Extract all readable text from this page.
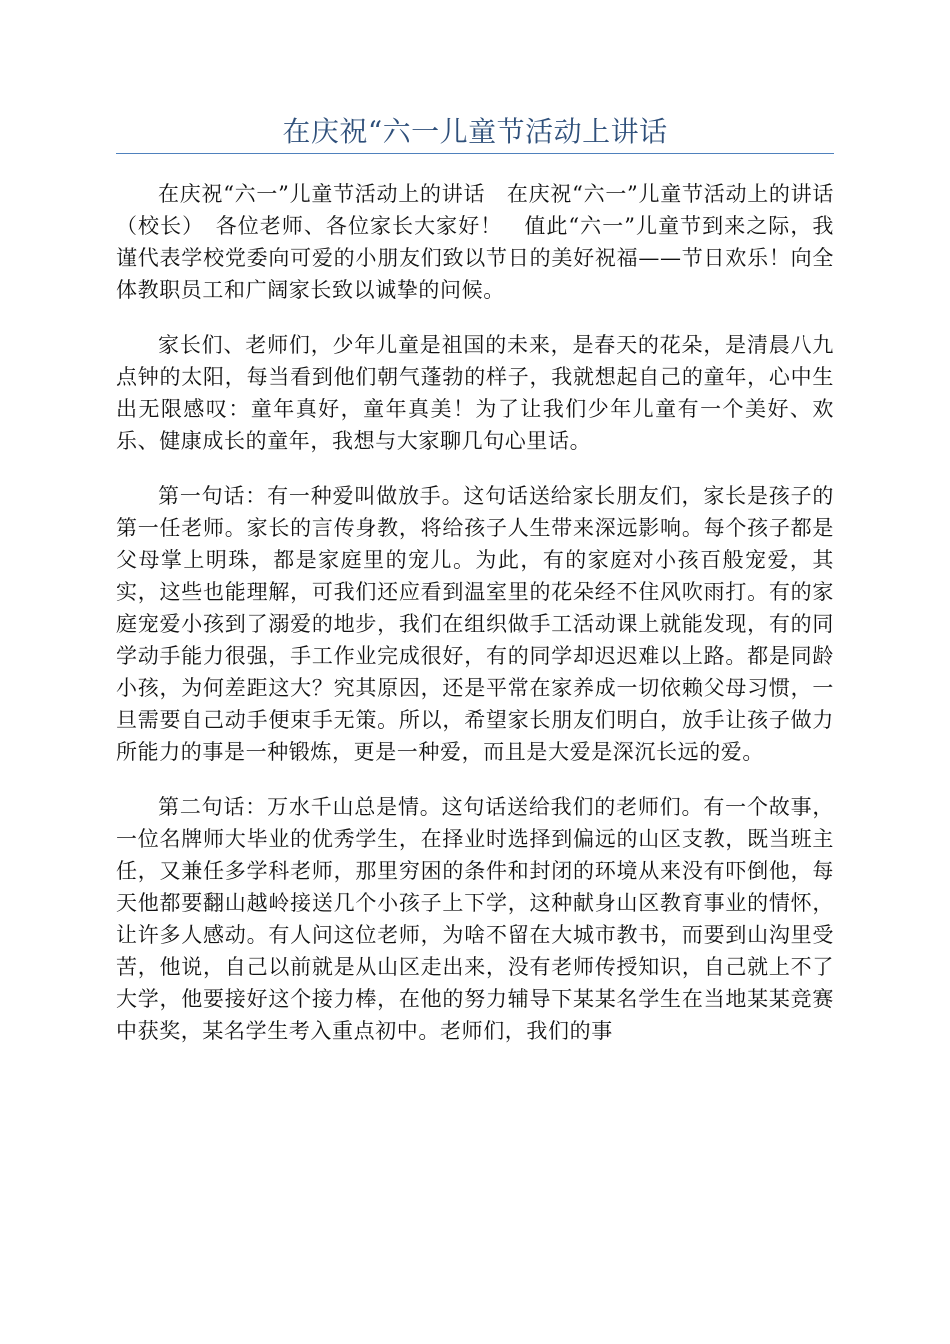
在庆祝“六一儿童节活动上讲话

在庆祝“六一”儿童节活动上的讲话　在庆祝“六一”儿童节活动上的讲话　（校长）　各位老师、各位家长大家好！　值此“六一”儿童节到来之际，我谨代表学校党委向可爱的小朋友们致以节日的美好祝福——节日欢乐！向全体教职员工和广阔家长致以诚挚的问候。

家长们、老师们，少年儿童是祖国的未来，是春天的花朵，是清晨八九点钟的太阳，每当看到他们朝气蓬勃的样子，我就想起自己的童年，心中生出无限感叹：童年真好，童年真美！为了让我们少年儿童有一个美好、欢乐、健康成长的童年，我想与大家聊几句心里话。

第一句话：有一种爱叫做放手。这句话送给家长朋友们，家长是孩子的第一任老师。家长的言传身教，将给孩子人生带来深远影响。每个孩子都是父母掌上明珠，都是家庭里的宠儿。为此，有的家庭对小孩百般宠爱，其实，这些也能理解，可我们还应看到温室里的花朵经不住风吹雨打。有的家庭宠爱小孩到了溺爱的地步，我们在组织做手工活动课上就能发现，有的同学动手能力很强，手工作业完成很好，有的同学却迟迟难以上路。都是同龄小孩，为何差距这大？究其原因，还是平常在家养成一切依赖父母习惯，一旦需要自己动手便束手无策。所以，希望家长朋友们明白，放手让孩子做力所能力的事是一种锻炼，更是一种爱，而且是大爱是深沉长远的爱。

第二句话：万水千山总是情。这句话送给我们的老师们。有一个故事，一位名牌师大毕业的优秀学生，在择业时选择到偏远的山区支教，既当班主任，又兼任多学科老师，那里穷困的条件和封闭的环境从来没有吓倒他，每天他都要翻山越岭接送几个小孩子上下学，这种献身山区教育事业的情怀，让许多人感动。有人问这位老师，为啥不留在大城市教书，而要到山沟里受苦，他说，自己以前就是从山区走出来，没有老师传授知识，自己就上不了大学，他要接好这个接力棒，在他的努力辅导下某某名学生在当地某某竞赛中获奖，某名学生考入重点初中。老师们，我们的事
